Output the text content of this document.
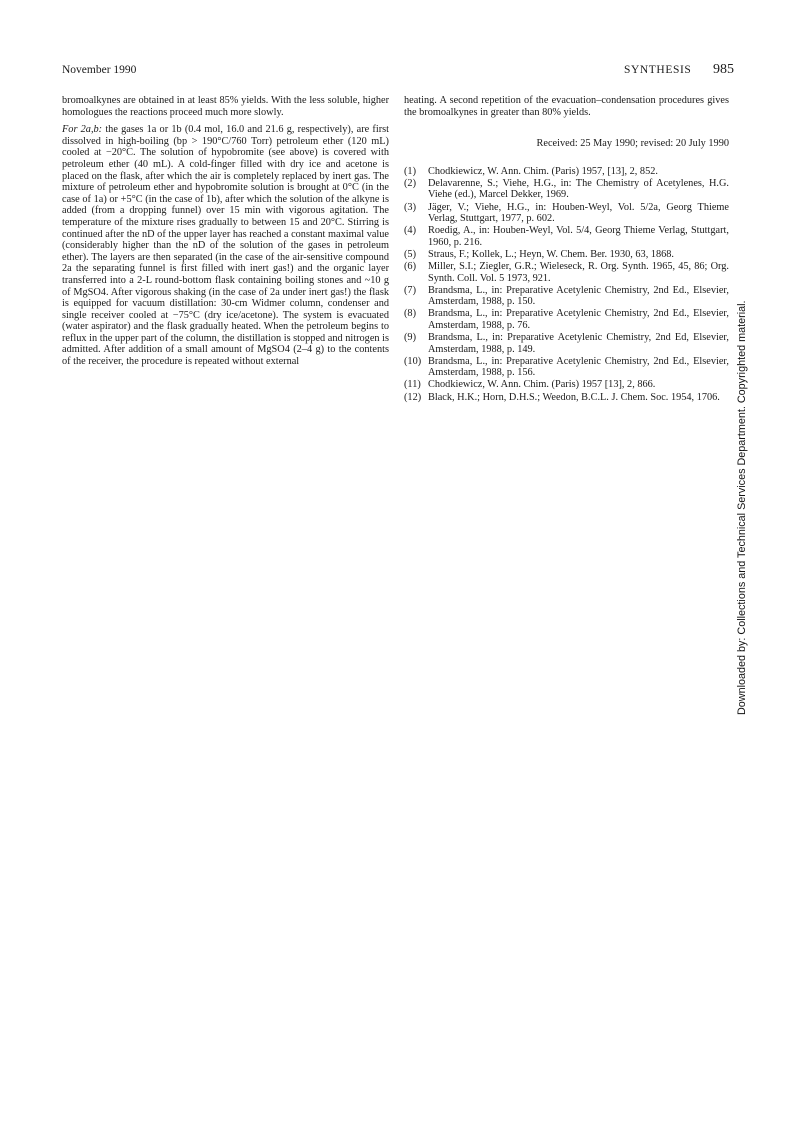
November 1990	SYNTHESIS 985

bromoalkynes are obtained in at least 85% yields. With the less soluble, higher homologues the reactions proceed much more slowly.

For 2a,b: the gases 1a or 1b (0.4 mol, 16.0 and 21.6 g, respectively), are first dissolved in high-boiling (bp > 190°C/760 Torr) petroleum ether (120 mL) cooled at −20°C. The solution of hypobromite (see above) is covered with petroleum ether (40 mL). A cold-finger filled with dry ice and acetone is placed on the flask, after which the air is completely replaced by inert gas. The mixture of petroleum ether and hypobromite solution is brought at 0°C (in the case of 1a) or +5°C (in the case of 1b), after which the solution of the alkyne is added (from a dropping funnel) over 15 min with vigorous agitation. The temperature of the mixture rises gradually to between 15 and 20°C. Stirring is continued after the nD of the upper layer has reached a constant maximal value (considerably higher than the nD of the solution of the gases in petroleum ether). The layers are then separated (in the case of the air-sensitive compound 2a the separating funnel is first filled with inert gas!) and the organic layer transferred into a 2-L round-bottom flask containing boiling stones and ~10 g of MgSO4. After vigorous shaking (in the case of 2a under inert gas!) the flask is equipped for vacuum distillation: 30-cm Widmer column, condenser and single receiver cooled at −75°C (dry ice/acetone). The system is evacuated (water aspirator) and the flask gradually heated. When the petroleum begins to reflux in the upper part of the column, the distillation is stopped and nitrogen is admitted. After addition of a small amount of MgSO4 (2–4 g) to the contents of the receiver, the procedure is repeated without external

heating. A second repetition of the evacuation–condensation procedures gives the bromoalkynes in greater than 80% yields.

Received: 25 May 1990; revised: 20 July 1990

(1) Chodkiewicz, W. Ann. Chim. (Paris) 1957, [13], 2, 852.
(2) Delavarenne, S.; Viehe, H.G., in: The Chemistry of Acetylenes, H.G. Viehe (ed.), Marcel Dekker, 1969.
(3) Jäger, V.; Viehe, H.G., in: Houben-Weyl, Vol. 5/2a, Georg Thieme Verlag, Stuttgart, 1977, p. 602.
(4) Roedig, A., in: Houben-Weyl, Vol. 5/4, Georg Thieme Verlag, Stuttgart, 1960, p. 216.
(5) Straus, F.; Kollek, L.; Heyn, W. Chem. Ber. 1930, 63, 1868.
(6) Miller, S.I.; Ziegler, G.R.; Wieleseck, R. Org. Synth. 1965, 45, 86; Org. Synth. Coll. Vol. 5 1973, 921.
(7) Brandsma, L., in: Preparative Acetylenic Chemistry, 2nd Ed., Elsevier, Amsterdam, 1988, p. 150.
(8) Brandsma, L., in: Preparative Acetylenic Chemistry, 2nd Ed., Elsevier, Amsterdam, 1988, p. 76.
(9) Brandsma, L., in: Preparative Acetylenic Chemistry, 2nd Ed, Elsevier, Amsterdam, 1988, p. 149.
(10) Brandsma, L., in: Preparative Acetylenic Chemistry, 2nd Ed., Elsevier, Amsterdam, 1988, p. 156.
(11) Chodkiewicz, W. Ann. Chim. (Paris) 1957 [13], 2, 866.
(12) Black, H.K.; Horn, D.H.S.; Weedon, B.C.L. J. Chem. Soc. 1954, 1706.	Downloaded by: Collections and Technical Services Department. Copyrighted material.
